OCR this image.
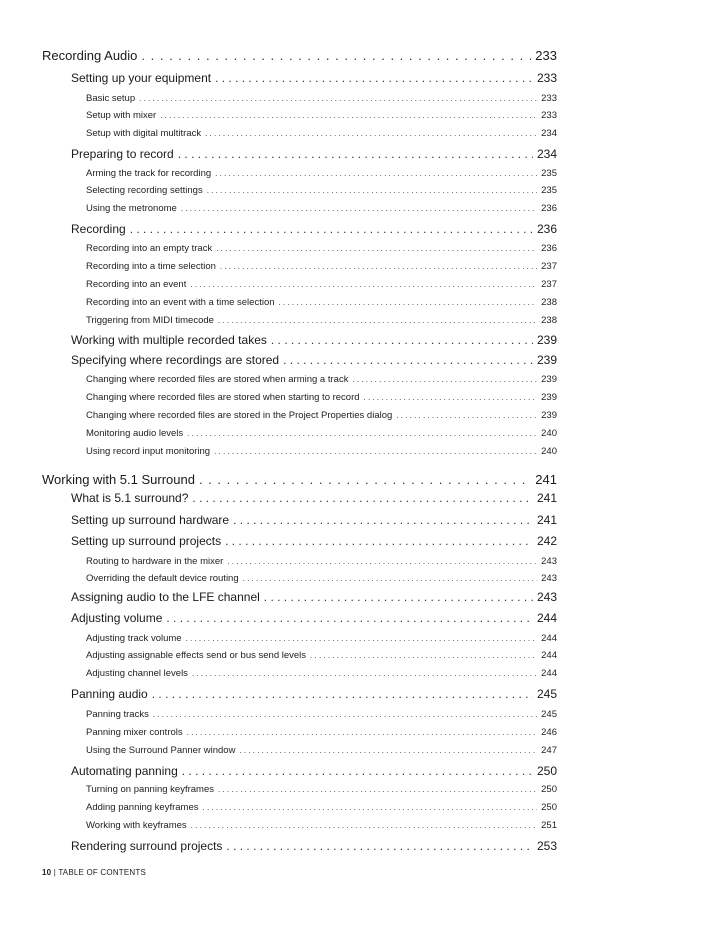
Recording Audio . . .	233
Setting up your equipment . . .	233
Basic setup . . .	233
Setup with mixer . . .	233
Setup with digital multitrack . . .	234
Preparing to record . . .	234
Arming the track for recording . . .	235
Selecting recording settings . . .	235
Using the metronome . . .	236
Recording . . .	236
Recording into an empty track . . .	236
Recording into a time selection . . .	237
Recording into an event . . .	237
Recording into an event with a time selection . . .	238
Triggering from MIDI timecode . . .	238
Working with multiple recorded takes . . .	239
Specifying where recordings are stored . . .	239
Changing where recorded files are stored when arming a track . . .	239
Changing where recorded files are stored when starting to record . . .	239
Changing where recorded files are stored in the Project Properties dialog . . .	239
Monitoring audio levels . . .	240
Using record input monitoring . . .	240
Working with 5.1 Surround . . .	241
What is 5.1 surround? . . .	241
Setting up surround hardware . . .	241
Setting up surround projects . . .	242
Routing to hardware in the mixer . . .	243
Overriding the default device routing . . .	243
Assigning audio to the LFE channel . . .	243
Adjusting volume . . .	244
Adjusting track volume . . .	244
Adjusting assignable effects send or bus send levels . . .	244
Adjusting channel levels . . .	244
Panning audio . . .	245
Panning tracks . . .	245
Panning mixer controls . . .	246
Using the Surround Panner window . . .	247
Automating panning . . .	250
Turning on panning keyframes . . .	250
Adding panning keyframes . . .	250
Working with keyframes . . .	251
Rendering surround projects . . .	253
10 | TABLE OF CONTENTS
